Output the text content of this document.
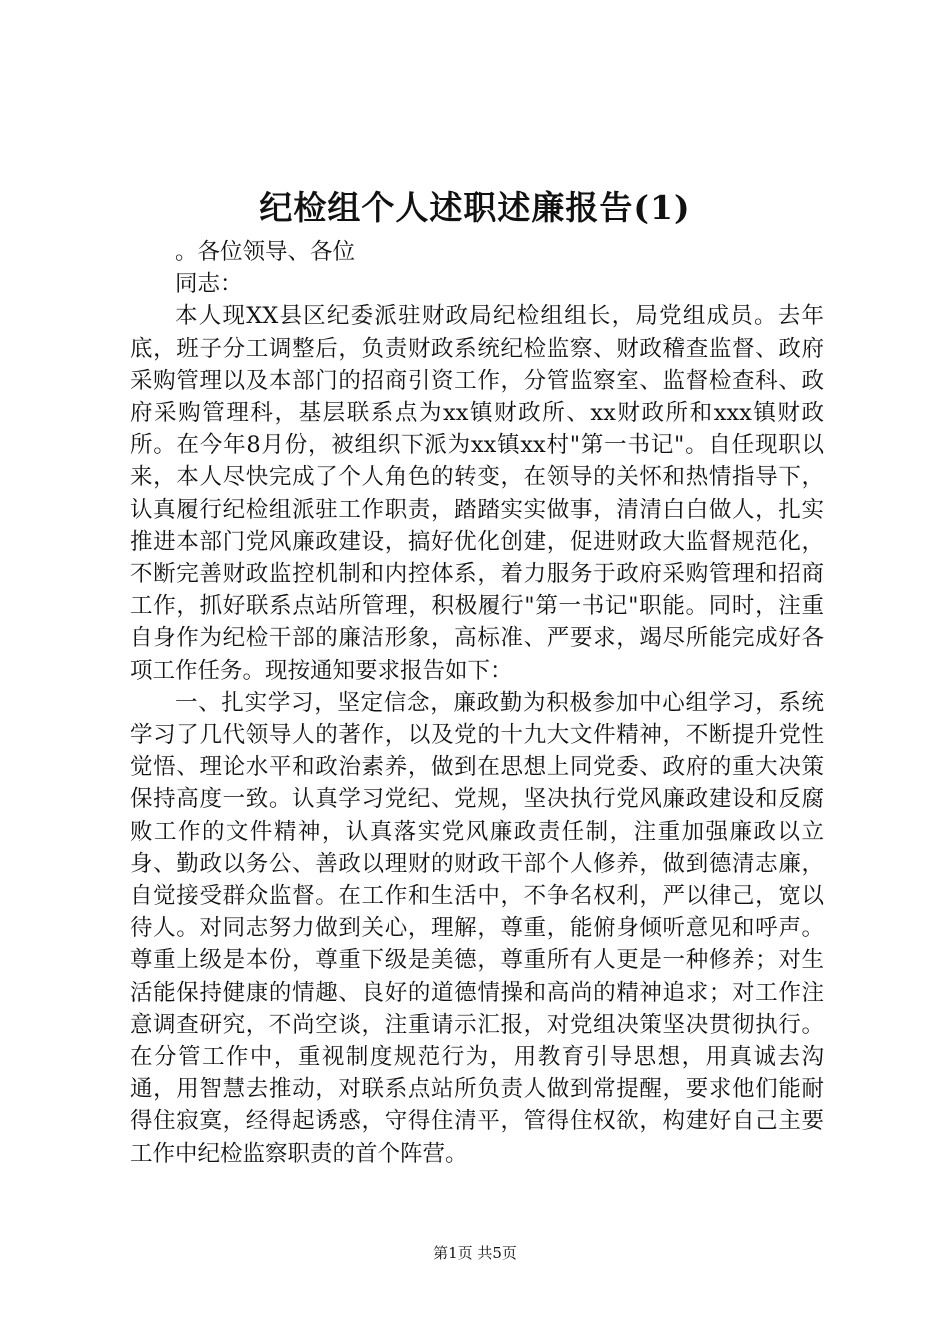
纪检组个人述职述廉报告(1)

。各位领导、各位

同志：

本人现XX县区纪委派驻财政局纪检组组长，局党组成员。去年底，班子分工调整后，负责财政系统纪检监察、财政稽查监督、政府采购管理以及本部门的招商引资工作，分管监察室、监督检查科、政府采购管理科，基层联系点为xx镇财政所、xx财政所和xxx镇财政所。在今年8月份，被组织下派为xx镇xx村"第一书记"。自任现职以来，本人尽快完成了个人角色的转变，在领导的关怀和热情指导下，认真履行纪检组派驻工作职责，踏踏实实做事，清清白白做人，扎实推进本部门党风廉政建设，搞好优化创建，促进财政大监督规范化，不断完善财政监控机制和内控体系，着力服务于政府采购管理和招商工作，抓好联系点站所管理，积极履行"第一书记"职能。同时，注重自身作为纪检干部的廉洁形象，高标准、严要求，竭尽所能完成好各项工作任务。现按通知要求报告如下：

一、扎实学习，坚定信念，廉政勤为积极参加中心组学习，系统学习了几代领导人的著作，以及党的十九大文件精神，不断提升党性觉悟、理论水平和政治素养，做到在思想上同党委、政府的重大决策保持高度一致。认真学习党纪、党规，坚决执行党风廉政建设和反腐败工作的文件精神，认真落实党风廉政责任制，注重加强廉政以立身、勤政以务公、善政以理财的财政干部个人修养，做到德清志廉，自觉接受群众监督。在工作和生活中，不争名权利，严以律己，宽以待人。对同志努力做到关心，理解，尊重，能俯身倾听意见和呼声。尊重上级是本份，尊重下级是美德，尊重所有人更是一种修养；对生活能保持健康的情趣、良好的道德情操和高尚的精神追求；对工作注意调查研究，不尚空谈，注重请示汇报，对党组决策坚决贯彻执行。在分管工作中，重视制度规范行为，用教育引导思想，用真诚去沟通，用智慧去推动，对联系点站所负责人做到常提醒，要求他们能耐得住寂寞，经得起诱惑，守得住清平，管得住权欲，构建好自己主要工作中纪检监察职责的首个阵营。

第1页 共5页
